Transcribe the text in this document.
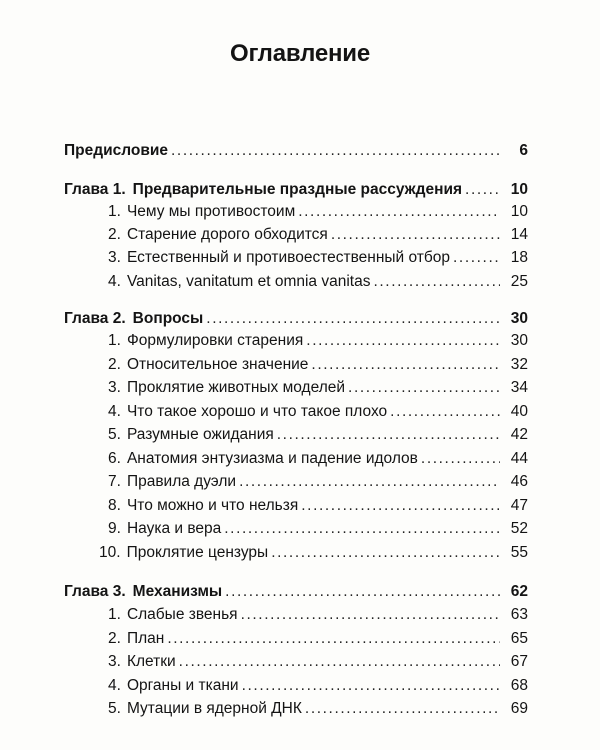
Оглавление
Предисловие .....	6
Глава 1. Предварительные праздные рассуждения .....	10
1. Чему мы противостоим .....	10
2. Старение дорого обходится .....	14
3. Естественный и противоестественный отбор .....	18
4. Vanitas, vanitatum et omnia vanitas .....	25
Глава 2. Вопросы .....	30
1. Формулировки старения .....	30
2. Относительное значение .....	32
3. Проклятие животных моделей .....	34
4. Что такое хорошо и что такое плохо .....	40
5. Разумные ожидания .....	42
6. Анатомия энтузиазма и падение идолов .....	44
7. Правила дуэли .....	46
8. Что можно и что нельзя .....	47
9. Наука и вера .....	52
10. Проклятие цензуры .....	55
Глава 3. Механизмы .....	62
1. Слабые звенья .....	63
2. План .....	65
3. Клетки .....	67
4. Органы и ткани .....	68
5. Мутации в ядерной ДНК .....	69
